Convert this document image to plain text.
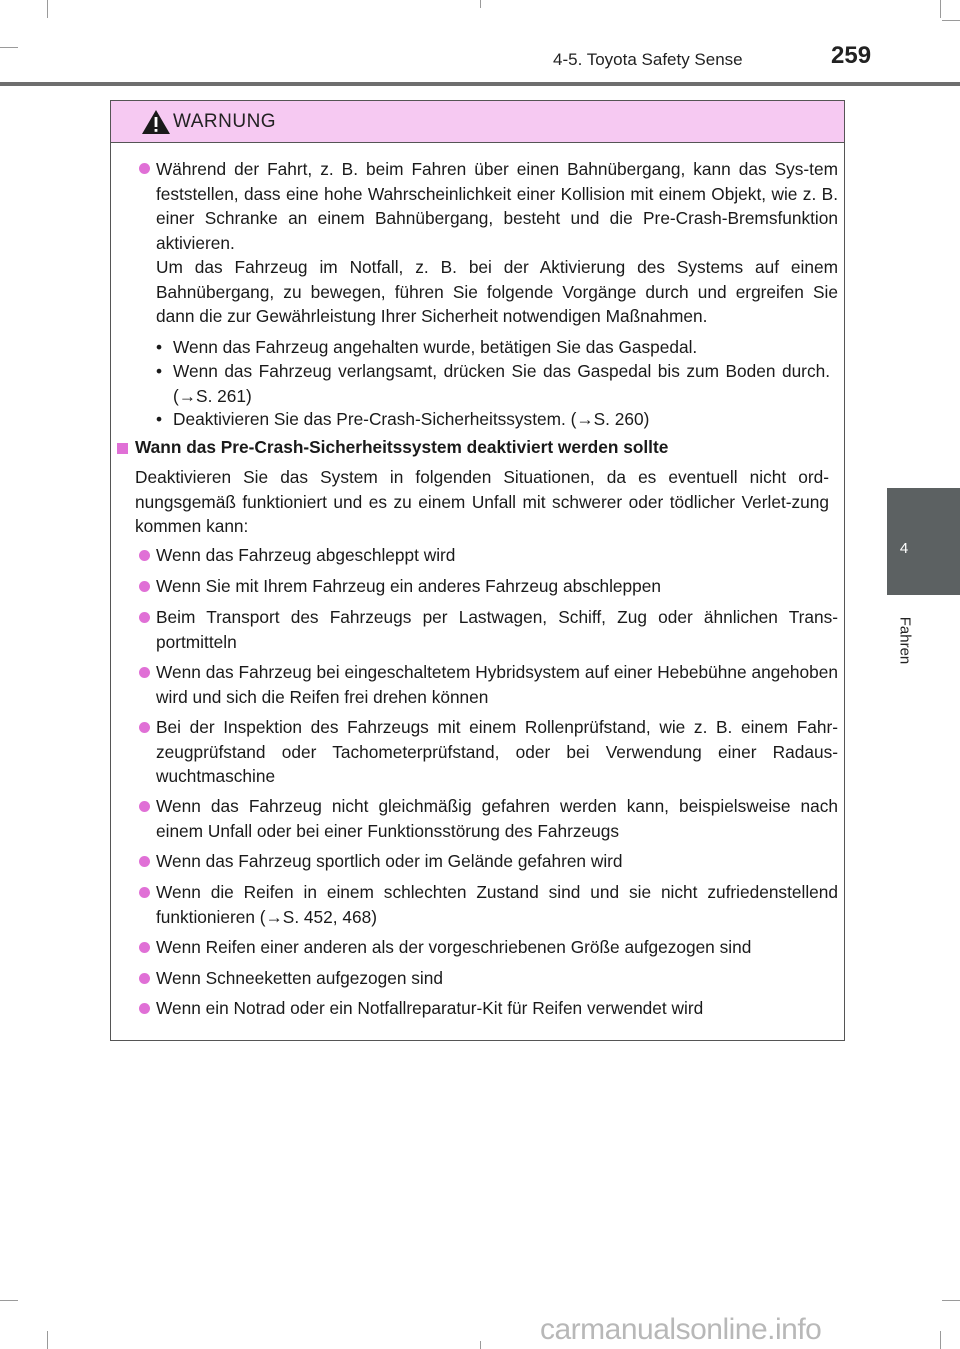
4-5. Toyota Safety Sense	259
4
Fahren
WARNUNG
Während der Fahrt, z. B. beim Fahren über einen Bahnübergang, kann das Sys-tem feststellen, dass eine hohe Wahrscheinlichkeit einer Kollision mit einem Objekt, wie z. B. einer Schranke an einem Bahnübergang, besteht und die Pre-Crash-Bremsfunktion aktivieren.
Um das Fahrzeug im Notfall, z. B. bei der Aktivierung des Systems auf einem Bahnübergang, zu bewegen, führen Sie folgende Vorgänge durch und ergreifen Sie dann die zur Gewährleistung Ihrer Sicherheit notwendigen Maßnahmen.
• Wenn das Fahrzeug angehalten wurde, betätigen Sie das Gaspedal.
• Wenn das Fahrzeug verlangsamt, drücken Sie das Gaspedal bis zum Boden durch. (→S. 261)
• Deaktivieren Sie das Pre-Crash-Sicherheitssystem. (→S. 260)
Wann das Pre-Crash-Sicherheitssystem deaktiviert werden sollte
Deaktivieren Sie das System in folgenden Situationen, da es eventuell nicht ord-nungsgemäß funktioniert und es zu einem Unfall mit schwerer oder tödlicher Verlet-zung kommen kann:
Wenn das Fahrzeug abgeschleppt wird
Wenn Sie mit Ihrem Fahrzeug ein anderes Fahrzeug abschleppen
Beim Transport des Fahrzeugs per Lastwagen, Schiff, Zug oder ähnlichen Trans-portmitteln
Wenn das Fahrzeug bei eingeschaltetem Hybridsystem auf einer Hebebühne angehoben wird und sich die Reifen frei drehen können
Bei der Inspektion des Fahrzeugs mit einem Rollenprüfstand, wie z. B. einem Fahr-zeugprüfstand oder Tachometerprüfstand, oder bei Verwendung einer Radaus-wuchtmaschine
Wenn das Fahrzeug nicht gleichmäßig gefahren werden kann, beispielsweise nach einem Unfall oder bei einer Funktionsstörung des Fahrzeugs
Wenn das Fahrzeug sportlich oder im Gelände gefahren wird
Wenn die Reifen in einem schlechten Zustand sind und sie nicht zufriedenstellend funktionieren (→S. 452, 468)
Wenn Reifen einer anderen als der vorgeschriebenen Größe aufgezogen sind
Wenn Schneeketten aufgezogen sind
Wenn ein Notrad oder ein Notfallreparatur-Kit für Reifen verwendet wird
carmanualsonline.info
